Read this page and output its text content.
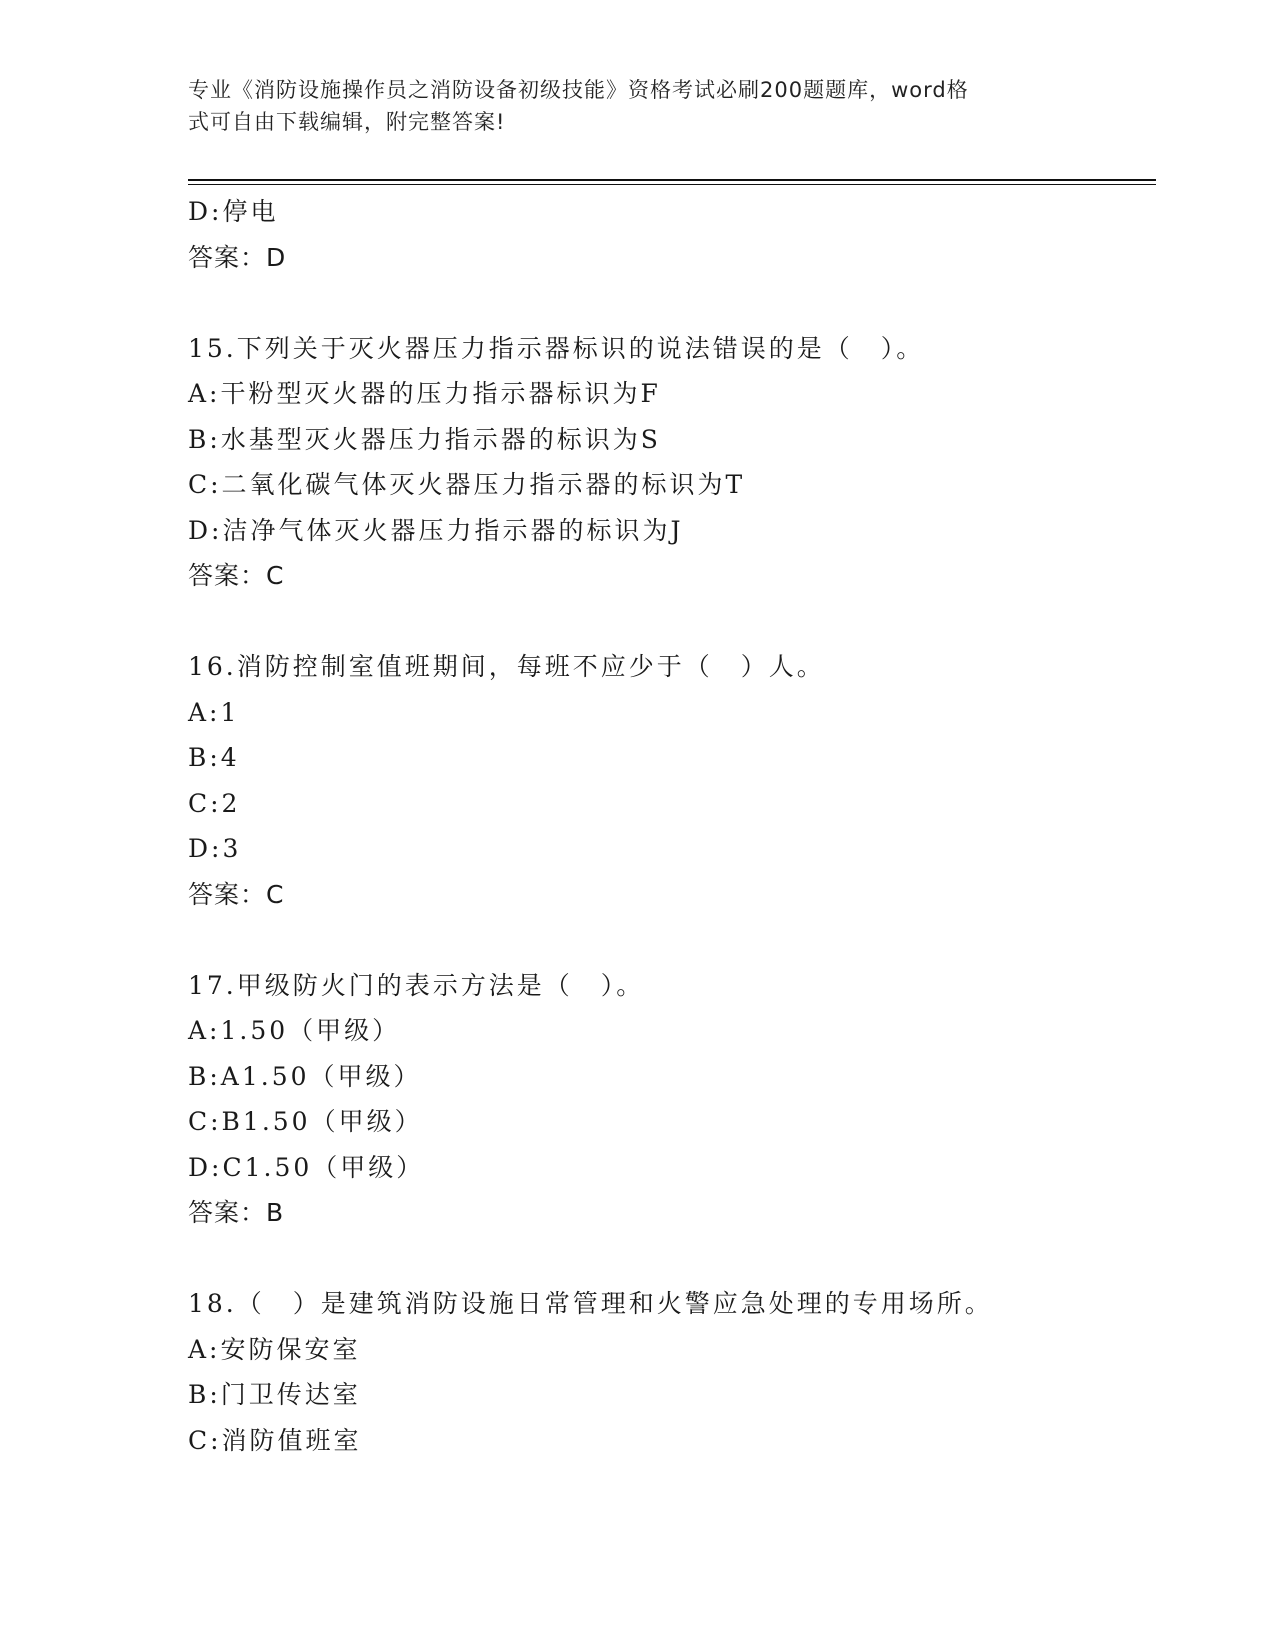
专业《消防设施操作员之消防设备初级技能》资格考试必刷200题题库，word格
式可自由下载编辑，附完整答案!
D:停电
答案：D
15.下列关于灭火器压力指示器标识的说法错误的是（　）。
A:干粉型灭火器的压力指示器标识为F
B:水基型灭火器压力指示器的标识为S
C:二氧化碳气体灭火器压力指示器的标识为T
D:洁净气体灭火器压力指示器的标识为J
答案：C
16.消防控制室值班期间，每班不应少于（　）人。
A:1
B:4
C:2
D:3
答案：C
17.甲级防火门的表示方法是（　）。
A:1.50（甲级）
B:A1.50（甲级）
C:B1.50（甲级）
D:C1.50（甲级）
答案：B
18.（　）是建筑消防设施日常管理和火警应急处理的专用场所。
A:安防保安室
B:门卫传达室
C:消防值班室
